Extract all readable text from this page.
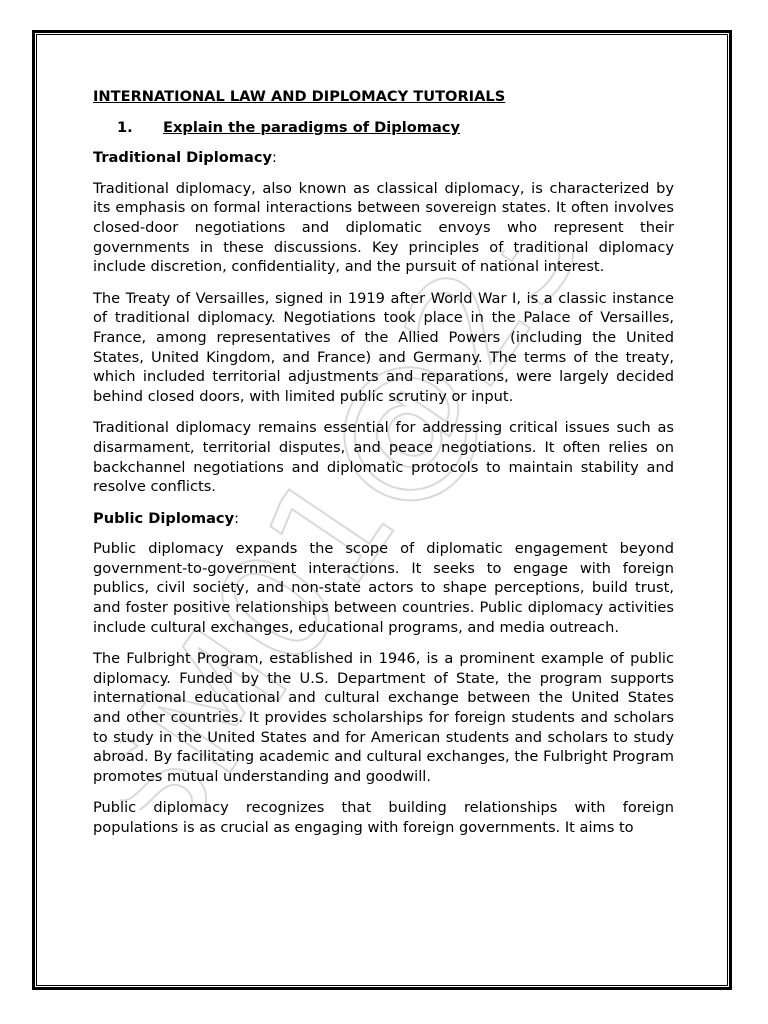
SM01@23
INTERNATIONAL LAW AND DIPLOMACY TUTORIALS
1.	Explain the paradigms of Diplomacy
Traditional Diplomacy:

Traditional diplomacy, also known as classical diplomacy, is characterized by its emphasis on formal interactions between sovereign states. It often involves closed-door negotiations and diplomatic envoys who represent their governments in these discussions. Key principles of traditional diplomacy include discretion, confidentiality, and the pursuit of national interest.

The Treaty of Versailles, signed in 1919 after World War I, is a classic instance of traditional diplomacy. Negotiations took place in the Palace of Versailles, France, among representatives of the Allied Powers (including the United States, United Kingdom, and France) and Germany. The terms of the treaty, which included territorial adjustments and reparations, were largely decided behind closed doors, with limited public scrutiny or input.

Traditional diplomacy remains essential for addressing critical issues such as disarmament, territorial disputes, and peace negotiations. It often relies on backchannel negotiations and diplomatic protocols to maintain stability and resolve conflicts.

Public Diplomacy:

Public diplomacy expands the scope of diplomatic engagement beyond government-to-government interactions. It seeks to engage with foreign publics, civil society, and non-state actors to shape perceptions, build trust, and foster positive relationships between countries. Public diplomacy activities include cultural exchanges, educational programs, and media outreach.

The Fulbright Program, established in 1946, is a prominent example of public diplomacy. Funded by the U.S. Department of State, the program supports international educational and cultural exchange between the United States and other countries. It provides scholarships for foreign students and scholars to study in the United States and for American students and scholars to study abroad. By facilitating academic and cultural exchanges, the Fulbright Program promotes mutual understanding and goodwill.

Public diplomacy recognizes that building relationships with foreign populations is as crucial as engaging with foreign governments. It aims to
